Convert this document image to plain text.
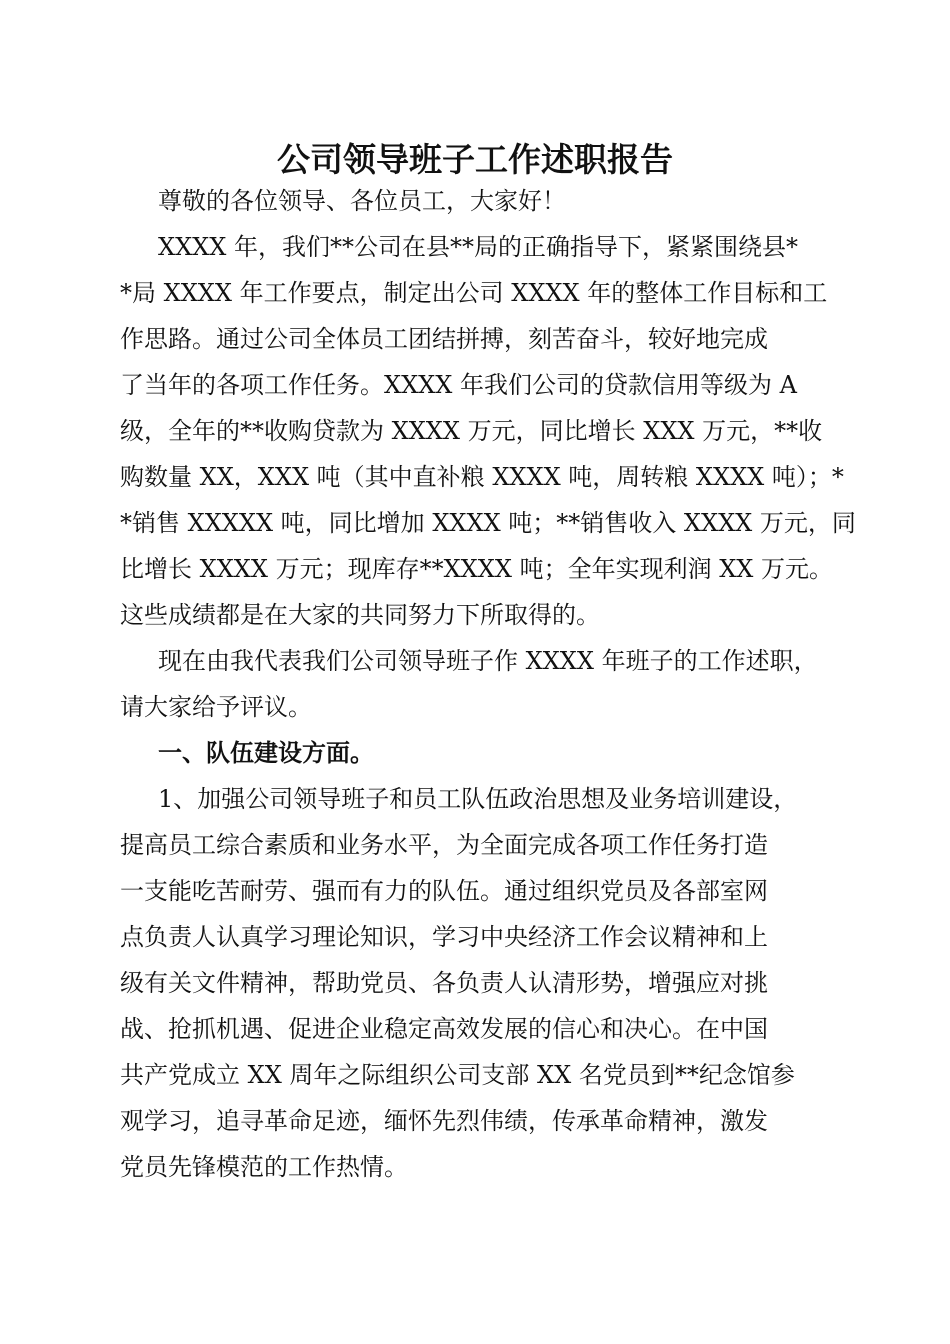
公司领导班子工作述职报告
尊敬的各位领导、各位员工，大家好！
XXXX 年，我们**公司在县**局的正确指导下，紧紧围绕县*
*局 XXXX 年工作要点，制定出公司 XXXX 年的整体工作目标和工
作思路。通过公司全体员工团结拼搏，刻苦奋斗，较好地完成
了当年的各项工作任务。XXXX 年我们公司的贷款信用等级为 A
级，全年的**收购贷款为 XXXX 万元，同比增长 XXX 万元，**收
购数量 XX，XXX 吨（其中直补粮 XXXX 吨，周转粮 XXXX 吨）；*
*销售 XXXXX 吨，同比增加 XXXX 吨；**销售收入 XXXX 万元，同
比增长 XXXX 万元；现库存**XXXX 吨；全年实现利润 XX 万元。
这些成绩都是在大家的共同努力下所取得的。
现在由我代表我们公司领导班子作 XXXX 年班子的工作述职，
请大家给予评议。
一、队伍建设方面。
1、加强公司领导班子和员工队伍政治思想及业务培训建设，
提高员工综合素质和业务水平，为全面完成各项工作任务打造
一支能吃苦耐劳、强而有力的队伍。通过组织党员及各部室网
点负责人认真学习理论知识，学习中央经济工作会议精神和上
级有关文件精神，帮助党员、各负责人认清形势，增强应对挑
战、抢抓机遇、促进企业稳定高效发展的信心和决心。在中国
共产党成立 XX 周年之际组织公司支部 XX 名党员到**纪念馆参
观学习，追寻革命足迹，缅怀先烈伟绩，传承革命精神，激发
党员先锋模范的工作热情。
